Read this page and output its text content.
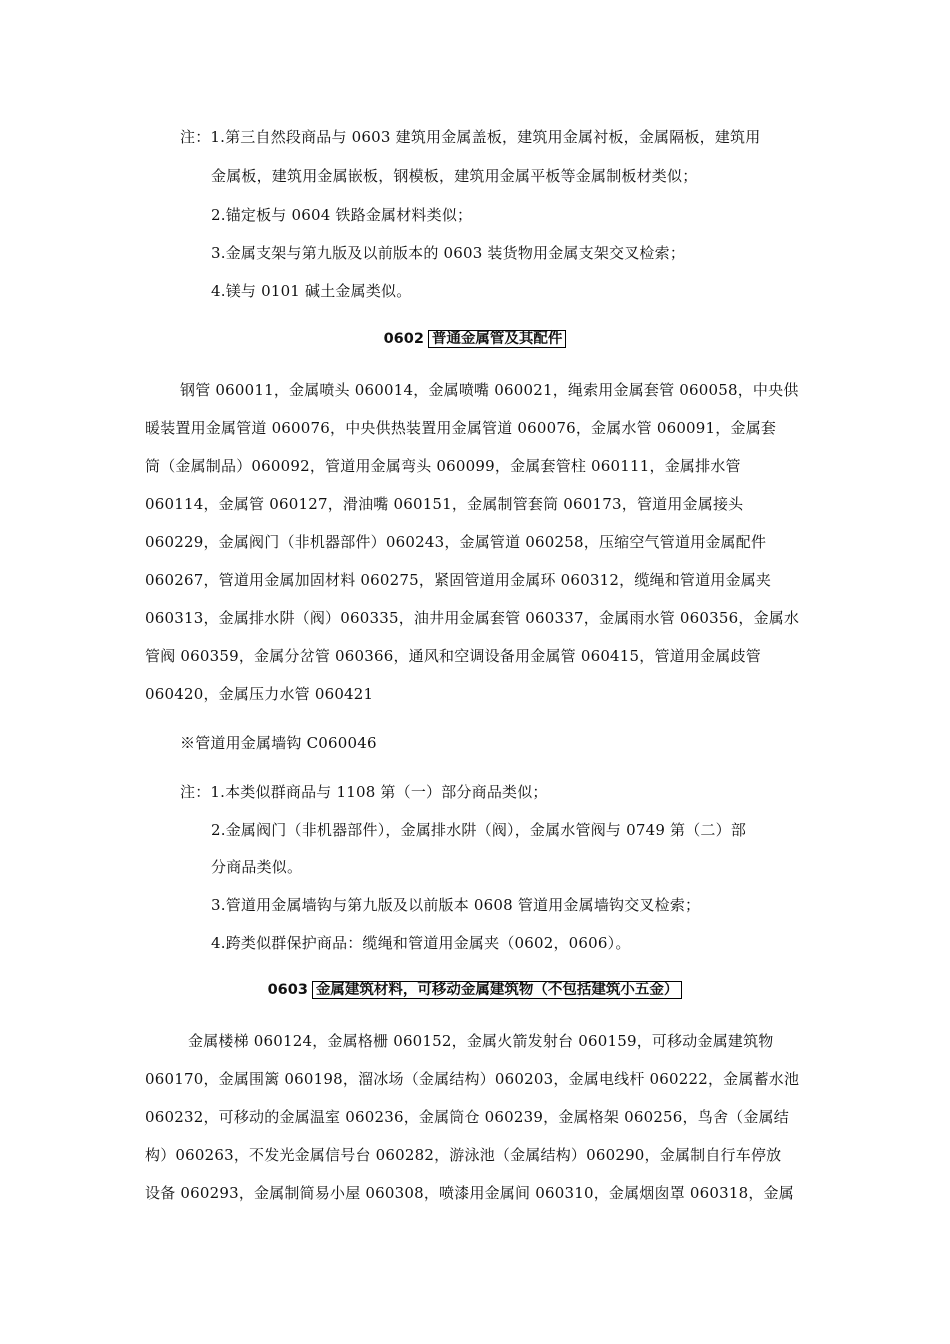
注：1.第三自然段商品与 0603 建筑用金属盖板，建筑用金属衬板，金属隔板，建筑用
金属板，建筑用金属嵌板，钢模板，建筑用金属平板等金属制板材类似；
2.锚定板与 0604 铁路金属材料类似；
3.金属支架与第九版及以前版本的 0603 装货物用金属支架交叉检索；
4.镁与 0101 碱土金属类似。
0602 普通金属管及其配件
钢管 060011，金属喷头 060014，金属喷嘴 060021，绳索用金属套管 060058，中央供
暖装置用金属管道 060076，中央供热装置用金属管道 060076，金属水管 060091，金属套
筒（金属制品）060092，管道用金属弯头 060099，金属套管柱 060111，金属排水管
060114，金属管 060127，滑油嘴 060151，金属制管套筒 060173，管道用金属接头
060229，金属阀门（非机器部件）060243，金属管道 060258，压缩空气管道用金属配件
060267，管道用金属加固材料 060275，紧固管道用金属环 060312，缆绳和管道用金属夹
060313，金属排水阱（阀）060335，油井用金属套管 060337，金属雨水管 060356，金属水
管阀 060359，金属分岔管 060366，通风和空调设备用金属管 060415，管道用金属歧管
060420，金属压力水管 060421
※管道用金属墙钩 C060046
注：1.本类似群商品与 1108 第（一）部分商品类似；
2.金属阀门（非机器部件），金属排水阱（阀），金属水管阀与 0749 第（二）部
分商品类似。
3.管道用金属墙钩与第九版及以前版本 0608 管道用金属墙钩交叉检索；
4.跨类似群保护商品：缆绳和管道用金属夹（0602，0606）。
0603 金属建筑材料，可移动金属建筑物（不包括建筑小五金）
金属楼梯 060124，金属格栅 060152，金属火箭发射台 060159，可移动金属建筑物
060170，金属围篱 060198，溜冰场（金属结构）060203，金属电线杆 060222，金属蓄水池
060232，可移动的金属温室 060236，金属筒仓 060239，金属格架 060256，鸟舍（金属结
构）060263，不发光金属信号台 060282，游泳池（金属结构）060290，金属制自行车停放
设备 060293，金属制简易小屋 060308，喷漆用金属间 060310，金属烟囱罩 060318，金属
